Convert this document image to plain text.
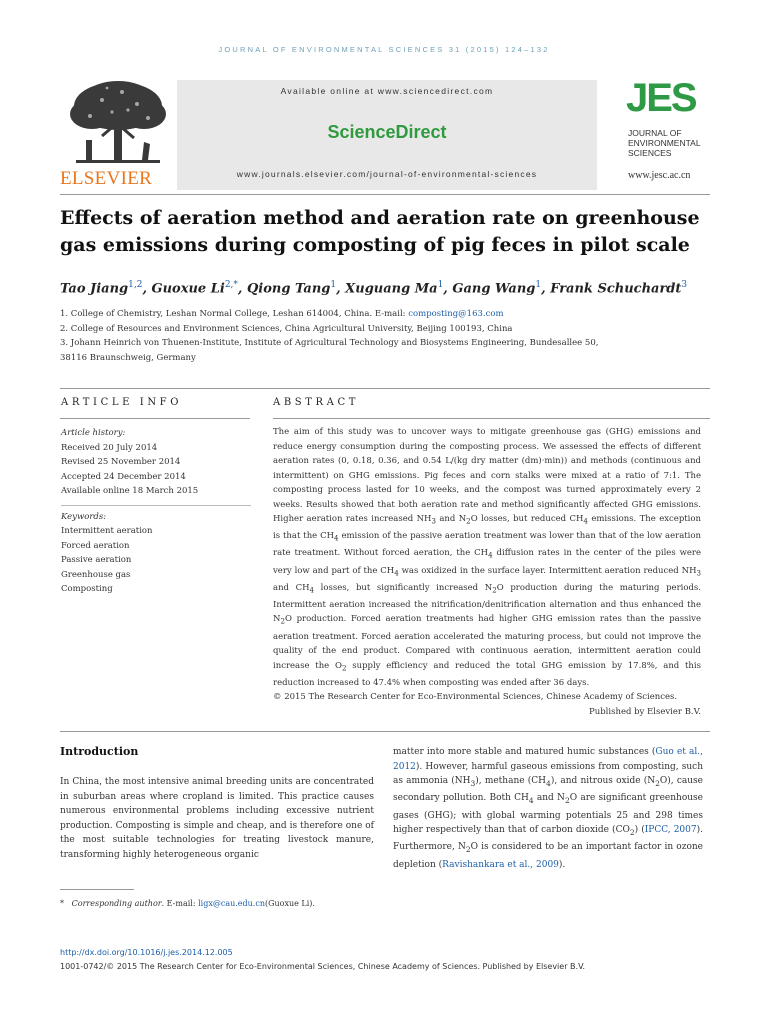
JOURNAL OF ENVIRONMENTAL SCIENCES 31 (2015) 124–132
ELSEVIER
Available online at www.sciencedirect.com
ScienceDirect
www.journals.elsevier.com/journal-of-environmental-sciences
JES
JOURNAL OF
ENVIRONMENTAL
SCIENCES
www.jesc.ac.cn
Effects of aeration method and aeration rate on greenhouse gas emissions during composting of pig feces in pilot scale
Tao Jiang$^{1,2}$, Guoxue $Li^{2,*}$, Qiong Tang$^1$, Xuguang Ma$^1$, Gang Wang$^1$, Frank Schuchardt$^3$
1. College of Chemistry, Leshan Normal College, Leshan 614004, China. E-mail: composting@163.com
2. College of Resources and Environment Sciences, China Agricultural University, Beijing 100193, China
3. Johann Heinrich von Thuenen-Institute, Institute of Agricultural Technology and Biosystems Engineering, Bundesallee 50,
38116 Braunschweig, Germany
ARTICLE INFO	ABSTRACT
Article history:
Received 20 July 2014
Revised 25 November 2014
Accepted 24 December 2014
Available online 18 March 2015
Keywords:
Intermittent aeration
Forced aeration
Passive aeration
Greenhouse gas
Composting

The aim of this study was to uncover ways to mitigate greenhouse gas (GHG) emissions and reduce energy consumption during the composting process. We assessed the effects of different aeration rates (0, 0.18, 0.36, and 0.54 L/(kg dry matter (dm)·min)) and methods (continuous and intermittent) on GHG emissions. Pig feces and corn stalks were mixed at a ratio of 7:1. The composting process lasted for 10 weeks, and the compost was turned approximately every 2 weeks. Results showed that both aeration rate and method significantly affected GHG emissions. Higher aeration rates increased $NH_3$ and $N_2O$ losses, but reduced $CH_4$ emissions. The exception is that the $CH_4$ emission of the passive aeration treatment was lower than that of the low aeration rate treatment. Without forced aeration, the $CH_4$ diffusion rates in the center of the piles were very low and part of the $CH_4$ was oxidized in the surface layer. Intermittent aeration reduced $NH_3$ and $CH_4$ losses, but significantly increased $N_2O$ production during the maturing periods. Intermittent aeration increased the nitrification/denitrification alternation and thus enhanced the $N_2O$ production. Forced aeration treatments had higher GHG emission rates than the passive aeration treatment. Forced aeration accelerated the maturing process, but could not improve the quality of the end product. Compared with continuous aeration, intermittent aeration could increase the $O_2$ supply efficiency and reduced the total GHG emission by 17.8%, and this reduction increased to 47.4% when composting was ended after 36 days.

© 2015 The Research Center for Eco-Environmental Sciences, Chinese Academy of Sciences.

Published by Elsevier B.V.

Introduction
In China, the most intensive animal breeding units are concentrated in suburban areas where cropland is limited. This practice causes numerous environmental problems including excessive nutrient production. Composting is simple and cheap, and is therefore one of the most suitable technologies for treating livestock manure, transforming highly heterogeneous organic
matter into more stable and matured humic substances (Guo et al., 2012). However, harmful gaseous emissions from composting, such as ammonia $(NH_3)$, methane $(CH_4)$, and nitrous oxide $(N_2O)$, cause secondary pollution. Both $CH_4$ and $N_2O$ are significant greenhouse gases (GHG); with global warming potentials 25 and 298 times higher respectively than that of carbon dioxide $(CO_2)$ (IPCC, 2007). Furthermore, $N_2O$ is considered to be an important factor in ozone depletion (Ravishankara et al., 2009).
* Corresponding author. E-mail: ligx@cau.edu.cn(Guoxue Li).
http://dx.doi.org/10.1016/j.jes.2014.12.005
1001-0742/© 2015 The Research Center for Eco-Environmental Sciences, Chinese Academy of Sciences. Published by Elsevier B.V.
